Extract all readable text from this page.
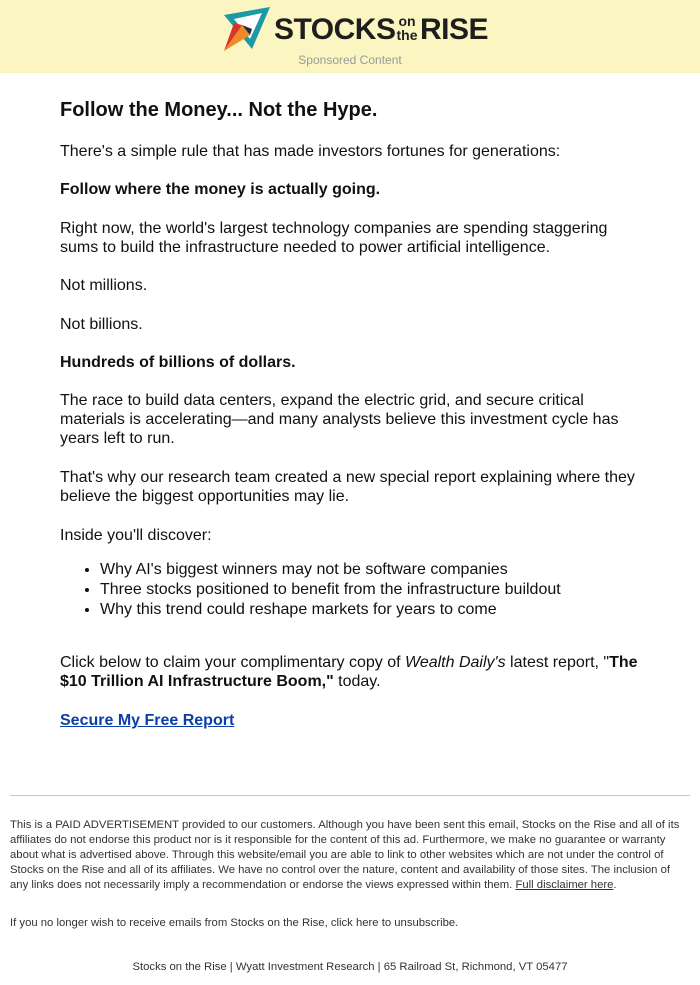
STOCKS on
the RISE
Sponsored Content
Follow the Money... Not the Hype.

There's a simple rule that has made investors fortunes for generations:

Follow where the money is actually going.

Right now, the world's largest technology companies are spending staggering sums to build the infrastructure needed to power artificial intelligence.

Not millions.

Not billions.

Hundreds of billions of dollars.

The race to build data centers, expand the electric grid, and secure critical materials is accelerating—and many analysts believe this investment cycle has years left to run.

That's why our research team created a new special report explaining where they believe the biggest opportunities may lie.

Inside you'll discover:

• Why AI's biggest winners may not be software companies
• Three stocks positioned to benefit from the infrastructure buildout
• Why this trend could reshape markets for years to come

Click below to claim your complimentary copy of Wealth Daily's latest report, "The $10 Trillion AI Infrastructure Boom," today.

Secure My Free Report

This is a PAID ADVERTISEMENT provided to our customers. Although you have been sent this email, Stocks on the Rise and all of its affiliates do not endorse this product nor is it responsible for the content of this ad. Furthermore, we make no guarantee or warranty about what is advertised above. Through this website/email you are able to link to other websites which are not under the control of Stocks on the Rise and all of its affiliates. We have no control over the nature, content and availability of those sites. The inclusion of any links does not necessarily imply a recommendation or endorse the views expressed within them. Full disclaimer here.
If you no longer wish to receive emails from Stocks on the Rise, click here to unsubscribe.
Stocks on the Rise | Wyatt Investment Research | 65 Railroad St, Richmond, VT 05477
